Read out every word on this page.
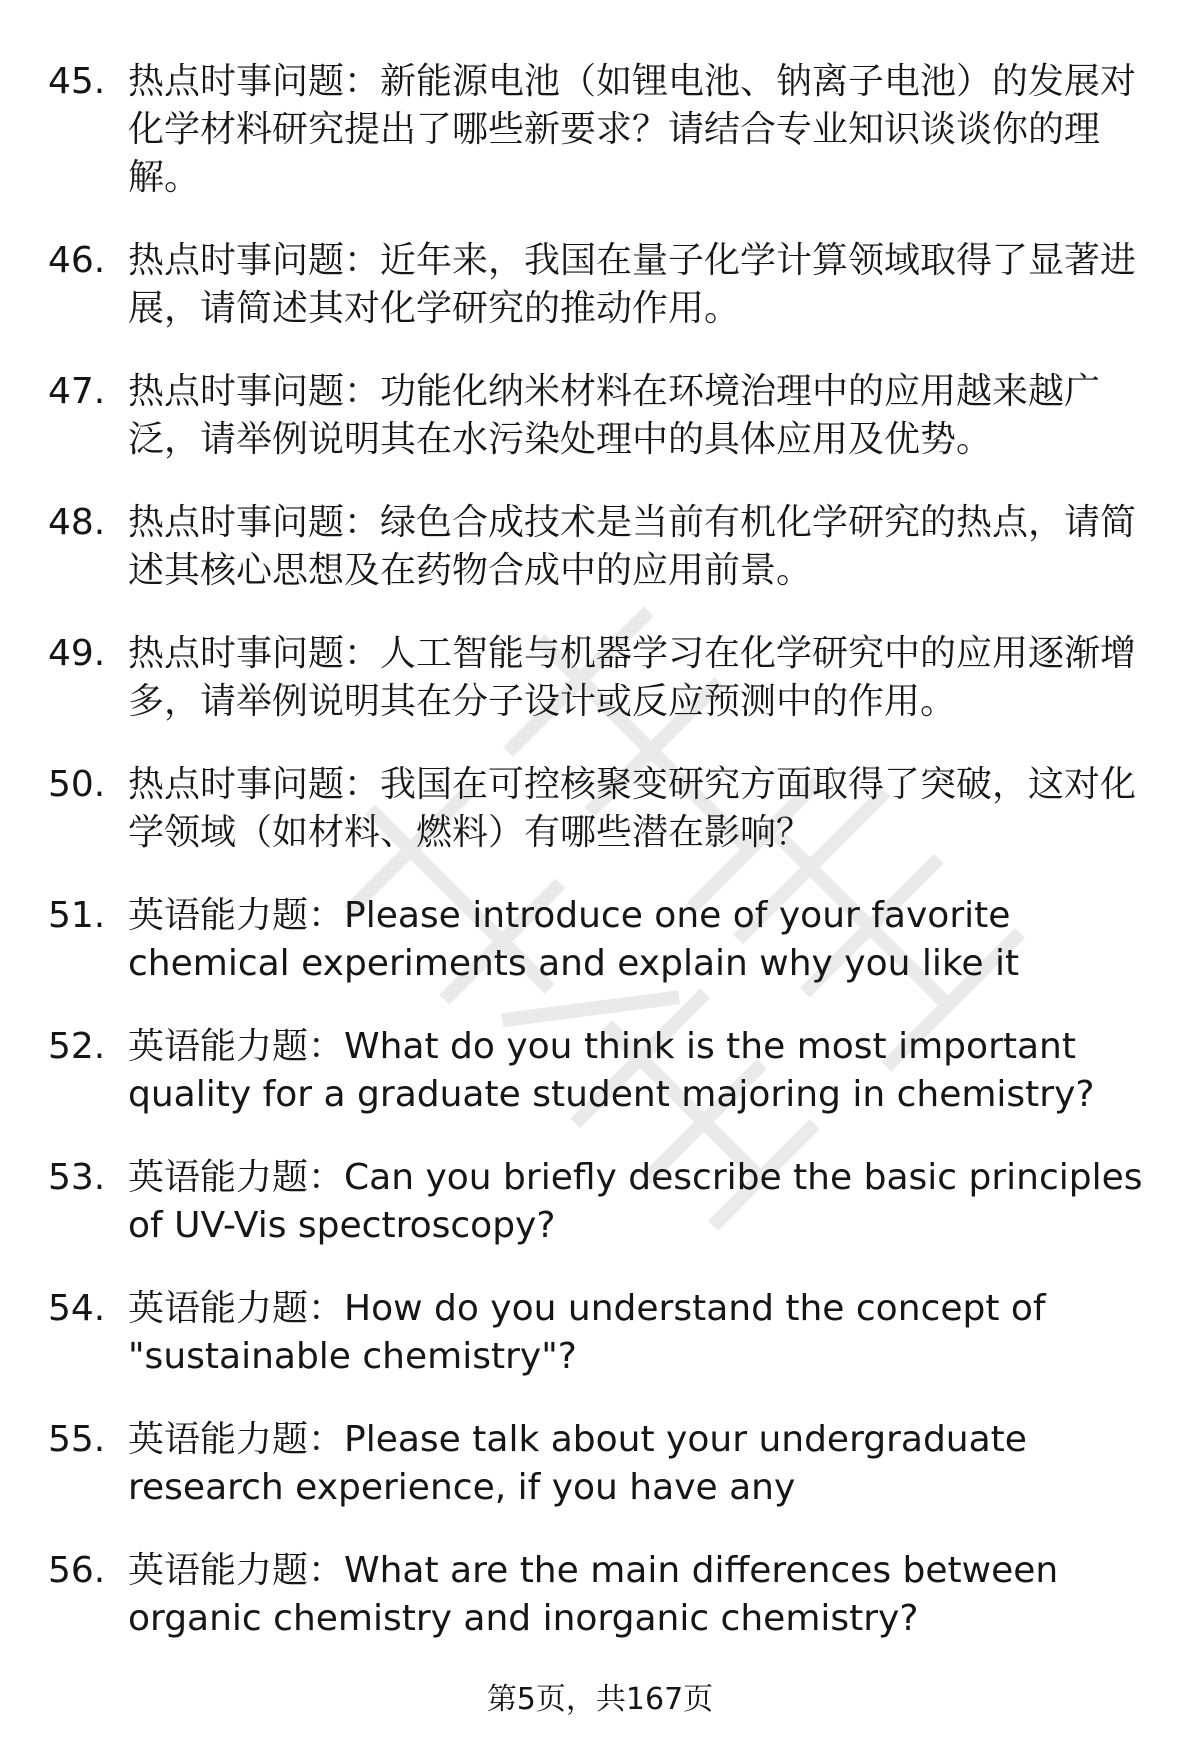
45. 热点时事问题：新能源电池（如锂电池、钠离子电池）的发展对化学材料研究提出了哪些新要求？请结合专业知识谈谈你的理解。
46. 热点时事问题：近年来，我国在量子化学计算领域取得了显著进展，请简述其对化学研究的推动作用。
47. 热点时事问题：功能化纳米材料在环境治理中的应用越来越广泛，请举例说明其在水污染处理中的具体应用及优势。
48. 热点时事问题：绿色合成技术是当前有机化学研究的热点，请简述其核心思想及在药物合成中的应用前景。
49. 热点时事问题：人工智能与机器学习在化学研究中的应用逐渐增多，请举例说明其在分子设计或反应预测中的作用。
50. 热点时事问题：我国在可控核聚变研究方面取得了突破，这对化学领域（如材料、燃料）有哪些潜在影响？
51. 英语能力题：Please introduce one of your favorite chemical experiments and explain why you like it
52. 英语能力题：What do you think is the most important quality for a graduate student majoring in chemistry?
53. 英语能力题：Can you briefly describe the basic principles of UV-Vis spectroscopy?
54. 英语能力题：How do you understand the concept of "sustainable chemistry"?
55. 英语能力题：Please talk about your undergraduate research experience, if you have any
56. 英语能力题：What are the main differences between organic chemistry and inorganic chemistry?
第5页，共167页
